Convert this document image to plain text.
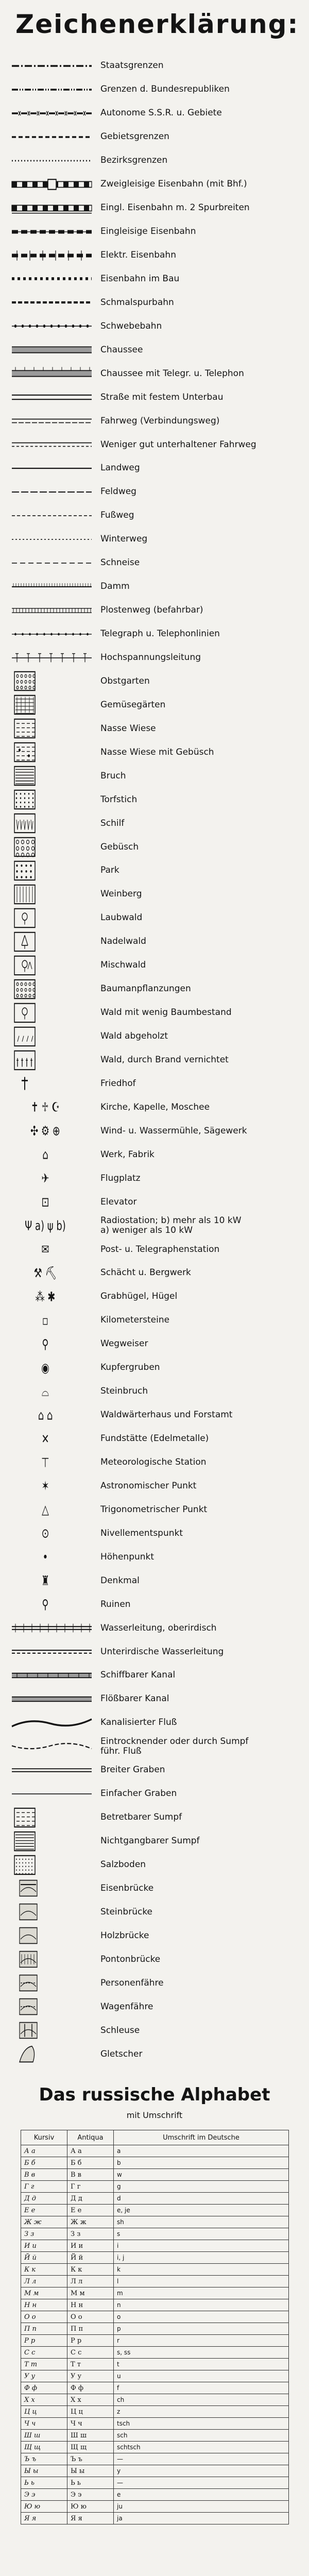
Zeichenerklärung:
Staatsgrenzen
Grenzen d. Bundesrepubliken
Autonome S.S.R. u. Gebiete
Gebietsgrenzen
Bezirksgrenzen
Zweigleisige Eisenbahn (mit Bhf.)
Eingl. Eisenbahn m. 2 Spurbreiten
Eingleisige Eisenbahn
Elektr. Eisenbahn
Eisenbahn im Bau
Schmalspurbahn
Schwebebahn
Chaussee
Chaussee mit Telegr. u. Telephon
Straße mit festem Unterbau
Fahrweg (Verbindungsweg)
Weniger gut unterhaltener Fahrweg
Landweg
Feldweg
Fußweg
Winterweg
Schneise
Damm
Plostenweg (befahrbar)
Telegraph u. Telephonlinien
Hochspannungsleitung
Obstgarten
Gemüsegärten
Nasse Wiese
Nasse Wiese mit Gebüsch
Bruch
Torfstich
Schilf
Gebüsch
Park
Weinberg
Laubwald
Nadelwald
Mischwald
Baumanpflanzungen
Wald mit wenig Baumbestand
Wald abgeholzt
Wald, durch Brand vernichtet
Friedhof
✝ ♱ ☪	Kirche, Kapelle, Moschee
✣ ⚙ ⊕	Wind- u. Wassermühle, Sägewerk
⌂	Werk, Fabrik
✈	Flugplatz
⊡	Elevator
Ψ a) ψ b)	Radiostation; b) mehr als 10 kW
a) weniger als 10 kW
✉	Post- u. Telegraphenstation
⚒ ⛏	Schächt u. Bergwerk
⁂ ✱	Grabhügel, Hügel
▫	Kilometersteine
⚲	Wegweiser
◉	Kupfergruben
⌓	Steinbruch
⌂ ⌂	Waldwärterhaus und Forstamt
✕	Fundstätte (Edelmetalle)
⊤	Meteorologische Station
✶	Astronomischer Punkt
△	Trigonometrischer Punkt
⊙	Nivellementspunkt
•	Höhenpunkt
♜	Denkmal
⚲	Ruinen
Wasserleitung, oberirdisch
Unterirdische Wasserleitung
Schiffbarer Kanal
Flößbarer Kanal
Kanalisierter Fluß
Eintrocknender oder durch Sumpf
führ. Fluß
Breiter Graben
Einfacher Graben
Betretbarer Sumpf
Nichtgangbarer Sumpf
Salzboden
Eisenbrücke
Steinbrücke
Holzbrücke
Pontonbrücke
Personenfähre
Wagenfähre
Schleuse
Gletscher
Das russische Alphabet
mit Umschrift
Kursiv	Antiqua	Umschrift im Deutsche
А а	А а	a
Б б	Б б	b
В в	В в	w
Г г	Г г	g
Д д	Д д	d
Е е	Е е	e, je
Ж ж	Ж ж	sh
З з	З з	s
И и	И и	i
Й й	Й й	i, j
К к	К к	k
Л л	Л л	l
М м	М м	m
Н н	Н н	n
О о	О о	o
П п	П п	p
Р р	Р р	r
С с	С с	s, ss
Т т	Т т	t
У у	У у	u
Ф ф	Ф ф	f
Х х	Х х	ch
Ц ц	Ц ц	z
Ч ч	Ч ч	tsch
Ш ш	Ш ш	sch
Щ щ	Щ щ	schtsch
Ъ ъ	Ъ ъ	—
Ы ы	Ы ы	y
Ь ь	Ь ь	—
Э э	Э э	e
Ю ю	Ю ю	ju
Я я	Я я	ja
